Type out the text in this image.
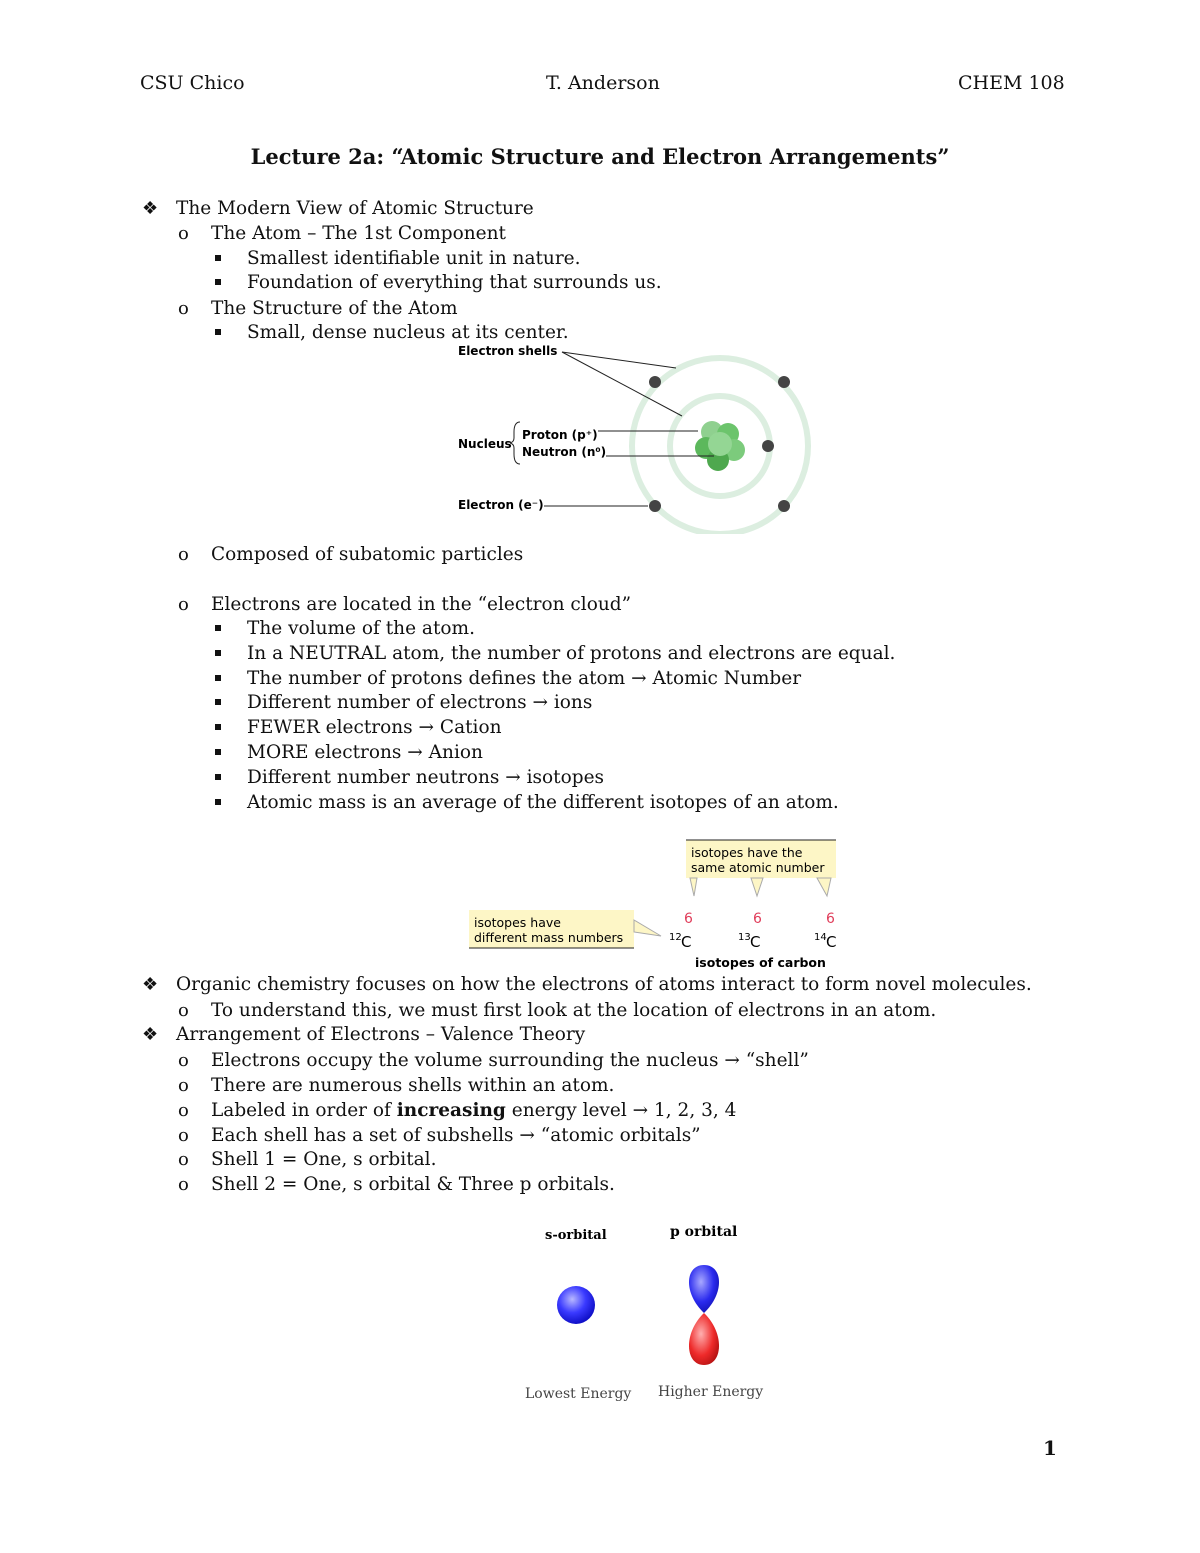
CSU Chico	T. Anderson	CHEM 108
Lecture 2a: “Atomic Structure and Electron Arrangements”
❖
o
o
o
o
❖
o
❖
o
o
o
o
o
o
The Modern View of Atomic Structure
The Atom – The 1st Component
Smallest identifiable unit in nature.
Foundation of everything that surrounds us.
The Structure of the Atom
Small, dense nucleus at its center.
Composed of subatomic particles
Electrons are located in the “electron cloud”
The volume of the atom.
In a NEUTRAL atom, the number of protons and electrons are equal.
The number of protons defines the atom → Atomic Number
Different number of electrons → ions
FEWER electrons → Cation
MORE electrons → Anion
Different number neutrons → isotopes
Atomic mass is an average of the different isotopes of an atom.
Organic chemistry focuses on how the electrons of atoms interact to form novel molecules.
To understand this, we must first look at the location of electrons in an atom.
Arrangement of Electrons – Valence Theory
Electrons occupy the volume surrounding the nucleus → “shell”
There are numerous shells within an atom.
Labeled in order of increasing energy level → 1, 2, 3, 4
Each shell has a set of subshells → “atomic orbitals”
Shell 1 = One, s orbital.
Shell 2 = One, s orbital & Three p orbitals.
Electron shells
Nucleus
Proton (p⁺)
Neutron (n⁰)
Electron (e⁻)
isotopes have the
same atomic number
isotopes have
different mass numbers
6	6	6
12 C	13 C	14 C
isotopes of carbon
s-orbital	p orbital
Lowest Energy Higher Energy
1
